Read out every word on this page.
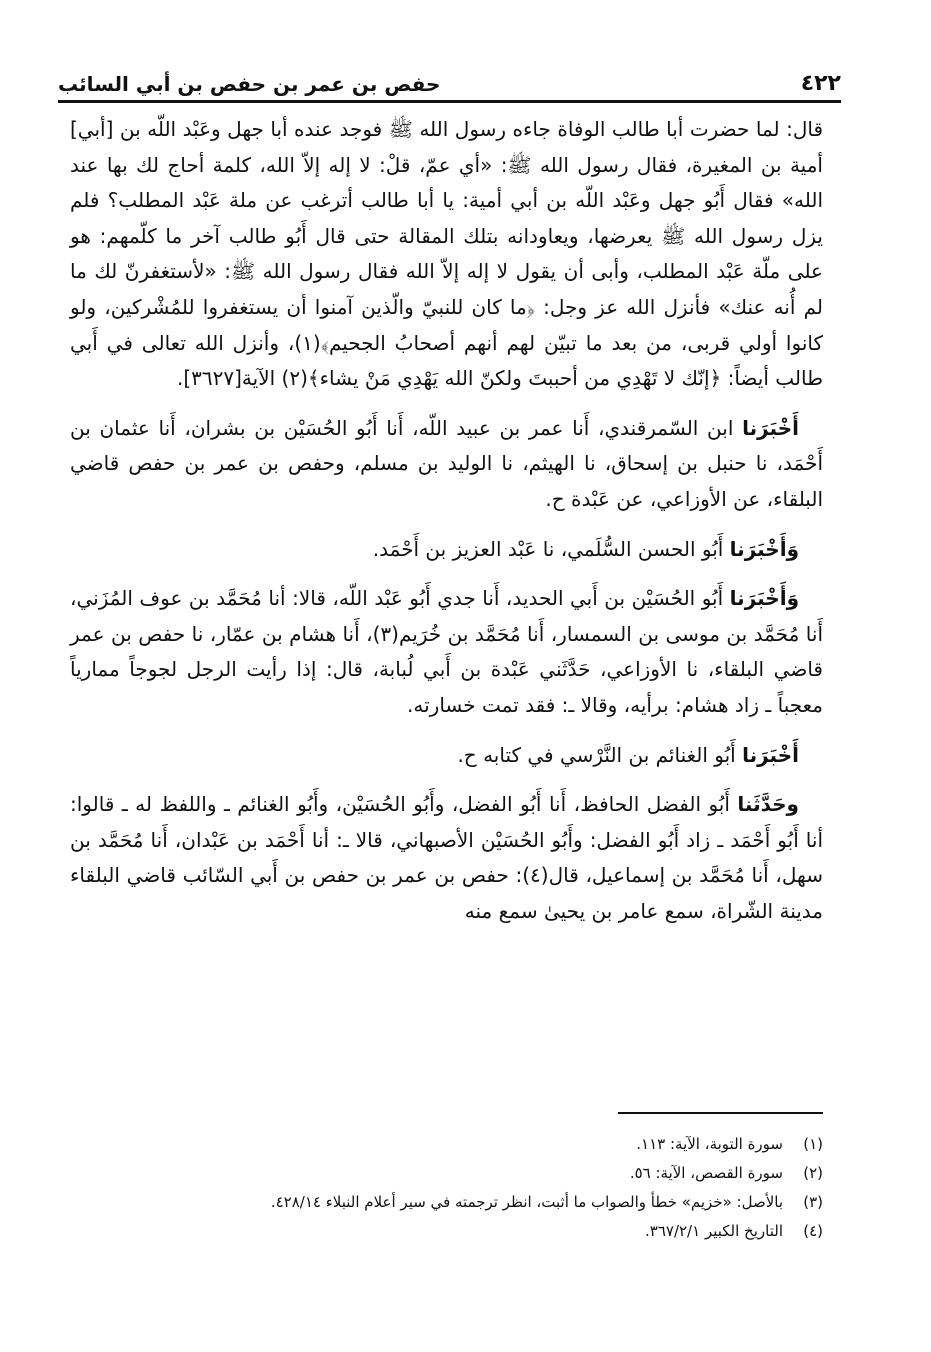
٤٢٢
حفص بن عمر بن حفص بن أبي السائب

قال: لما حضرت أبا طالب الوفاة جاءه رسول الله ﷺ فوجد عنده أبا جهل وعَبْد اللّه بن [أبي] أمية بن المغيرة، فقال رسول الله ﷺ: «أي عمّ، قلْ: لا إله إلاّ الله، كلمة أحاج لك بها عند الله» فقال أَبُو جهل وعَبْد اللّه بن أبي أمية: يا أبا طالب أترغب عن ملة عَبْد المطلب؟ فلم يزل رسول الله ﷺ يعرضها، ويعاودانه بتلك المقالة حتى قال أَبُو طالب آخر ما كلّمهم: هو على ملّة عَبْد المطلب، وأبى أن يقول لا إله إلاّ الله فقال رسول الله ﷺ: «لأستغفرنّ لك ما لم أُنه عنك» فأنزل الله عز وجل: ﴿ما كان للنبيّ والّذين آمنوا أن يستغفروا للمُشْركين، ولو كانوا أولي قربى، من بعد ما تبيّن لهم أنهم أصحابُ الجحيم﴾(١)، وأنزل الله تعالى في أَبي طالب أيضاً: ﴿إنّك لا تَهْدِي من أحببتَ ولكنّ الله يَهْدِي مَنْ يشاء﴾(٢) الآية[٣٦٢٧].

أَخْبَرَنا ابن السّمرقندي، أَنا عمر بن عبيد اللّه، أَنا أَبُو الحُسَيْن بن بشران، أَنا عثمان بن أَحْمَد، نا حنبل بن إسحاق، نا الهيثم، نا الوليد بن مسلم، وحفص بن عمر بن حفص قاضي البلقاء، عن الأوزاعي، عن عَبْدة ح.

وَأَخْبَرَنا أَبُو الحسن السُّلَمي، نا عَبْد العزيز بن أَحْمَد.

وَأَخْبَرَنا أَبُو الحُسَيْن بن أَبي الحديد، أَنا جدي أَبُو عَبْد اللّه، قالا: أنا مُحَمَّد بن عوف المُزَني، أَنا مُحَمَّد بن موسى بن السمسار، أَنا مُحَمَّد بن خُرَيم(٣)، أَنا هشام بن عمّار، نا حفص بن عمر قاضي البلقاء، نا الأوزاعي، حَدَّثَني عَبْدة بن أَبي لُبابة، قال: إذا رأيت الرجل لجوجاً ممارياً معجباً ـ زاد هشام: برأيه، وقالا ـ: فقد تمت خسارته.

أَخْبَرَنا أَبُو الغنائم بن النَّرْسي في كتابه ح.

وحَدَّثَنا أَبُو الفضل الحافظ، أَنا أَبُو الفضل، وأَبُو الحُسَيْن، وأَبُو الغنائم ـ واللفظ له ـ قالوا: أنا أَبُو أَحْمَد ـ زاد أَبُو الفضل: وأَبُو الحُسَيْن الأصبهاني، قالا ـ: أنا أَحْمَد بن عَبْدان، أَنا مُحَمَّد بن سهل، أَنا مُحَمَّد بن إسماعيل، قال(٤): حفص بن عمر بن حفص بن أَبي السّائب قاضي البلقاء مدينة الشّراة، سمع عامر بن يحيىٰ سمع منه

(١)
سورة التوبة، الآية: ١١٣.
(٢)
سورة القصص، الآية: ٥٦.
(٣)
بالأصل: «خزيم» خطأ والصواب ما أثبت، انظر ترجمته في سير أعلام النبلاء ٤٢٨/١٤.
(٤)
التاريخ الكبير ٣٦٧/٢/١.
